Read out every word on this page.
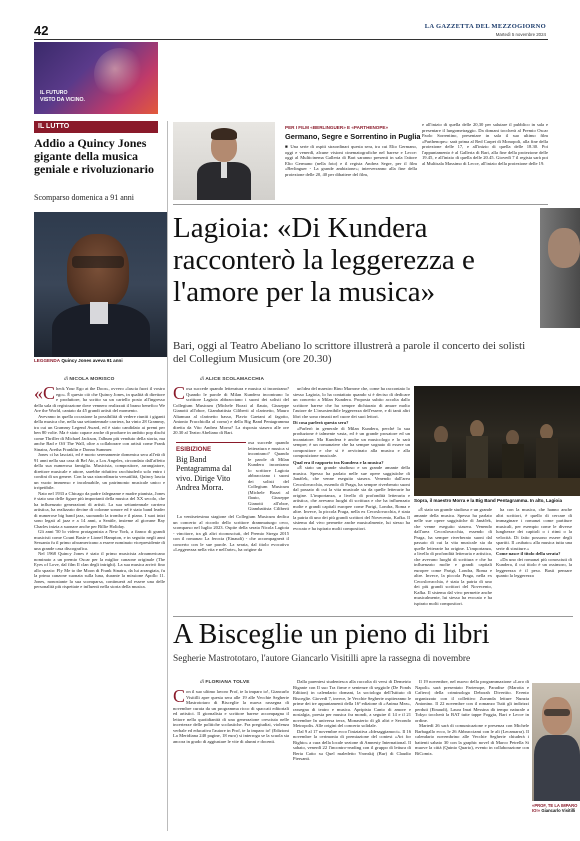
42	LA GAZZETTA DEL MEZZOGIORNO
Martedì 5 novembre 2024
IL FUTURO
VISTO DA VICINO.
IL LUTTO
Addio a Quincy Jones gigante della musica geniale e rivoluzionario
Scomparso domenica a 91 anni
LEGGENDA Quincy Jones aveva 91 anni
di NICOLA MORISCO
«C heck Your Ego at the Door», ovvero «lascia fuori il vostro ego». È questo ciò che Quincy Jones, in qualità di direttore e produttore, ha scritto su un cartello posto all'ingresso della sala di registrazione dove vennero realizzati il brano benefico We Are the World, cantato da 45 grandi artisti del momento.

Avevamo in quella occasione la possibilità di vedere riuniti i giganti della musica che, nella sua settantennale carriera, ha vinto 28 Grammy, tra cui un Grammy Legend Award, ed è stato candidato ai premi per ben 80 volte. Ma è stato capace anche di produrre in ambito pop dischi come Thriller di Michael Jackson, l'album più venduto della storia, ma anche Bad e Off The Wall, oltre a collaborare con artisti come Frank Sinatra, Aretha Franklin e Donna Summer.

Jones ci ha lasciati, ed è morto serenamente domenica sera all'età di 91 anni nella sua casa di Bel Air, a Los Angeles, circondato dall'affetto della sua numerosa famiglia. Musicista, compositore, arrangiatore, direttore musicale e attore, sarebbe riduttivo racchiuderlo solo entro i confini di un genere. Con la sua straordinaria versatilità, Quincy lascia un vuoto immenso e incolmabile, un patrimonio musicale unico e irripetibile.

Nato nel 1933 a Chicago da padre falegname e madre pianista, Jones è stato uno delle figure più importanti della musica del XX secolo, che ha influenzato generazioni di artisti. La sua settantennale carriera artistica, ha realizzato decine di colonne sonore ed è stato band leader di numerose big band jazz, suonando la tromba e il piano. I suoi inizi sono legati al jazz e a 14 anni, a Seattle, insieme al giovane Ray Charles inizia a suonare anche per Billie Holiday.

Gli anni '50 lo videro protagonista a New York, a fianco di grandi musicisti come Count Basie e Lionel Hampton, e in seguito negli anni Sessanta fu il primo afroamericano a essere nominato vicepresidente di una grande casa discografica.

Nel 1968 Quincy Jones è stato il primo musicista afroamericano nominato a un premio Oscar per la miglior canzone originale (The Eyes of Love, dal film Il clan degli intrighi). La sua musica arrivò fino allo spazio: Fly Me to the Moon di Frank Sinatra, da lui arrangiata, fu la prima canzone suonata sulla luna, durante la missione Apollo 11. Jones, nonostante la sua scomparsa, continuerà ad essere una delle personalità più rispettate e influenti nella storia della musica.

PER I FILM «BERLINGUER» E «PARTHENOPE»
Germano, Segre e Sorrentino in Puglia
■ Una serie di ospiti straordinari questa sera, tra cui Elio Germano, oggi e venerdì, alcune visioni cinematografiche nel barese e Lecce: oggi al Multicinema Galleria di Bari saranno presenti in sala l'attore Elio Germano (nella foto) e il regista Andrea Segre, per il film «Berlinguer - La grande ambizione»; interverranno alla fine della proiezione delle 20, 40 per dibattere del film,
e all'inizio di quella delle 20,30 per salutare il pubblico in sala e presentare il lungometraggio. Da domani toccherà al Premio Oscar Paolo Sorrentino, presentare in sala il suo ultimo film «Parthenope»: sarà prima al Red Carpet di Monopoli, alla fine della proiezione delle 17, e all'inizio di quella delle 18.30. Poi l'appuntamento è al Galleria di Bari, alla fine della proiezione delle 19.45, e all'inizio di quella delle 20.45. Giovedì 7 il regista sarà poi al Multisala Massimo di Lecce, all'inizio della proiezione delle 19.
Lagioia: «Di Kundera racconterò la leggerezza e l'amore per la musica»
Bari, oggi al Teatro Abeliano lo scrittore illustrerà a parole il concerto dei solisti del Collegium Musicum (ore 20.30)
di ALICE SCOLAMACCHIA
C osa succede quando letteratura e musica si incontrano? Quando le parole di Milan Kundera incontrano lo scrittore Lagioia abbracciano i suoni dei solisti del Collegium Musicum (Michele Bozzi al flauto, Giuseppe Gianotti all'oboe, Giambattista Ciliberti al clarinetto, Mauro Altamura al clarinetto basso, Flavio Gaetani al fagotto, Antonio Fracchiolla al corno) e della Big Band Pentagramma diretta da Vito Andrea Morra? La risposta stasera alle ore 20.30 al Teatro Abeliano di Bari.
ESIBIZIONE
Big Band Pentagramma dal vivo. Dirige Vito Andrea Morra.
osa succede quando letteratura e musica si incontrano? Quando le parole di Milan Kundera incontrano lo scrittore Lagioia abbracciano i suoni dei solisti del Collegium Musicum (Michele Bozzi al flauto, Giuseppe Gianotti all'oboe, Giambattista Ciliberti

La ventiseiesima stagione del Collegium Musicum dedica un concerto al ricordo dello scrittore drammaturgo ceco, scomparso nel luglio 2023. Ospite della serata Nicola Lagioia - vincitore, tra gli altri riconosciuti, del Premio Strega 2015 con il romanzo La ferocia (Einaudi) - che accompagnerà il concerto con le sue parole. La serata, dal titolo evocativo «Leggerezza nella vita e nell'arte», ha origine da

un'idea del maestro Rino Marrone che, come ha raccontato lo stesso Lagioia, lo ha contattato quando si è deciso di dedicare un concerto a Milan Kundera. Proposta subito accolta dallo scrittore barese che ha sempre dichiarato di amare molto l'autore de L'insostenibile leggerezza dell'essere, e di tanti altri libri che sono rimasti nel cuore dei suoi lettori.

Di cosa parlerà questa sera?

«Parlerò in generale di Milan Kundera, perché la sua produzione è talmente vasta, ed è un grande prosatore ed un incantatore. Ma Kundera è anche un musicologo e lo sarà sempre; è un romanziere che ha sempre sognato di essere un compositore e che si è avvicinato alla musica e alla composizione musicale.

Qual era il rapporto tra Kundera e la musica?

«È stato un grande studioso e un grande amante della musica. Spesso ha parlato nelle sue opere saggistiche di Janáček, che venne eseguito stasera. Venendo dall'area Cecoslovacchia, essendo di Praga, ha sempre riverberato suoni dal passato di cui la vita musicale sia da quelle letterarie ha origine. L'importanza, a livello di profondità letteraria e artistica, che avevano luoghi di scrittura e che ha influenzato molte e grandi capitali europee come Parigi, Londra, Roma e altre. Invece, la piccola Praga, nella ex Cecoslovacchia, è stata la patria di uno dei più grandi scrittori del Novecento, Kafka. Il sistema dal vivo permette anche musicalmente, lui stesso ha evocato e ha ispirato molti compositori.

Sopra, il maestro Morra e la Big Band Pentagramma. In alto, Lagioia

«È stato un grande studioso e un grande amante della musica. Spesso ha parlato nelle sue opere saggistiche di Janáček, che venne eseguito stasera. Venendo dall'area Cecoslovacchia, essendo di Praga, ha sempre riverberato suoni dal passato di cui la vita musicale sia da quelle letterarie ha origine. L'importanza, a livello di profondità letteraria e artistica, che avevano luoghi di scrittura e che ha influenzato molte e grandi capitali europee come Parigi, Londra, Roma e altre. Invece, la piccola Praga, nella ex Cecoslovacchia, è stata la patria di uno dei più grandi scrittori del Novecento, Kafka. Il sistema dal vivo permette anche musicalmente, lui stesso ha evocato e ha ispirato molti compositori.

ha con la musica, che hanno anche altri scrittori, è quello di cercare di immaginare i romanzi come partiture musicali, per esempio come le diverse lunghezze dei capitoli o i ritmi o la velocità. Di fatto possono essere degli spartiti. Il «rubato» alla musica tutta una serie di strutture.»

Come nasce il titolo della serata?

«Da uno dei romanzi più conosciuti di Kundera, il cui titolo è un ossimoro, la leggerezza è il peso. Basti pensare quanto la leggerezza

A Bisceglie un pieno di libri
Segherie Mastrototaro, l'autore Giancarlo Visitilli apre la rassegna di novembre
di FLORIANA TOLVE
C on il suo ultimo lavoro Prof, te la imparo io!, Giancarlo Visitilli apre questa sera alle 19 alle Vecchie Segherie Mastrototaro di Bisceglie la nuova rassegna di novembre curata da un programma ricco di spaccati editoriali ed artistici. Il giornalista e scrittore barese accompagna il lettore nella quotidianità di una generazione cresciuta nelle incertezze delle politiche scolastiche. Fra pregiudizi, violenza verbale ed educativa l'autore in Prof, te la imparo io! (Edizioni La Meridiana 240 pagine, 18 euro) si interroga se la scuola sia ancora in grado di aggiustare le vite di alunni e docenti.

Dalla parentesi studentesca alla raccolta di versi di Demetrio Rigante con Il suo Tra firme e sentenze di seggiole (De Fonds Edition) in calendario domani, la sociologa dell'Istituto di Bisceglie. Giovedì 7, invece, le Vecchie Segherie ospiteranno le prime dei tre appuntamenti della 16ª edizione di «Anima Mea», rassegna di teatro e musica. Apripista Canto di amore e nostalgia, poesia per musica fra mondi, a seguire il 14 e il 21 novembre In universa terra, Monasterio di gli altri e Secondo Metropolis. Alle origini del concerto solidale.

Dal 9 al 17 novembre ecco l'iniziativa «Idesaggiamoci». Il 16 novembre la cerimonia di premiazione del contest «Art for Righto» a cura della locale sezione di Amnesty International. Il sabato, venerdì 22 l'incontro-reading con il gruppo di lettura di Beria Catto su Quel maledetto Vronskij (Bur) di Claudio Piersanti.

Il 19 novembre, nel nuovo della programmazione «Loro di Napoli» sarà presentato Partenope, Paradise (Marotta e Cafiero) della criminologa Deborah Divertito. Evento organizzato con il collettivo Zuvanda letture Nunzia Antonino. Il 22 novembre con il romanzo Tutti gli indirizzi perduti (Einaudi), Laura Imai Messina dà tempo naturale a Tokyo toccherà la BAT tutte tappe Foggia, Bari e Lecce in ordine.

Martedì 26 sarà di comunicazione e presenza con Michele Barbagallo ecco, le 26 Abbracciami con le ali (Lecamarra). Il calendario novembrino alle Vecchie Segherie chiuderà i battenti sabato 30 con la graphic novel di Marco Petrella Si muove la città (Quinto Quarto), evento in collaborazione con BiComix.

«PROF, TE LA IMPARO IO!» Giancarlo Visitilli
